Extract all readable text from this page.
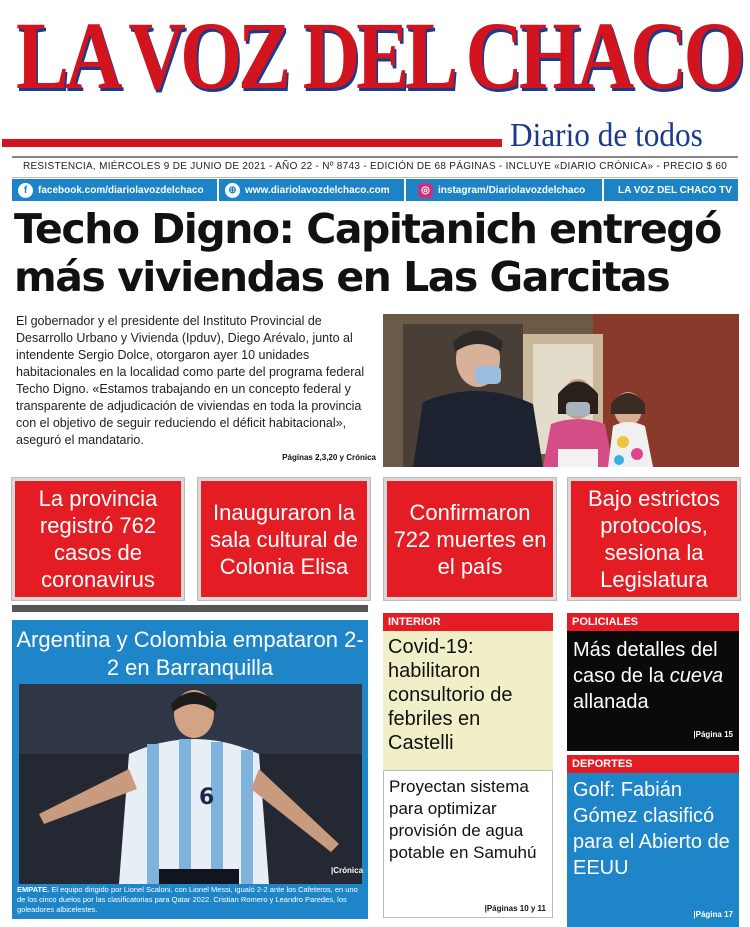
LA VOZ DEL CHACO
Diario de todos
RESISTENCIA, MIÉRCOLES 9 DE JUNIO DE 2021 - AÑO 22 - Nº 8743 - EDICIÓN DE 68 PÁGINAS - INCLUYE «DIARIO CRÓNICA» - PRECIO $ 60
f	facebook.com/diariolavozdelchaco	⊕ www.diariolavozdelchaco.com	◎ instagram/Diariolavozdelchaco	LA VOZ DEL CHACO TV
Techo Digno: Capitanich entregó más viviendas en Las Garcitas
El gobernador y el presidente del Instituto Provincial de Desarrollo Urbano y Vivienda (Ipduv), Diego Arévalo, junto al intendente Sergio Dolce, otorgaron ayer 10 unidades habitacionales en la localidad como parte del programa federal Techo Digno. «Estamos trabajando en un concepto federal y transparente de adjudicación de viviendas en toda la provincia con el objetivo de seguir reduciendo el déficit habitacional», aseguró el mandatario.
Páginas 2,3,20 y Crónica
La provincia registró 762 casos de coronavirus
Inauguraron la sala cultural de Colonia Elisa
Confirmaron 722 muertes en el país
Bajo estrictos protocolos, sesiona la Legislatura
Argentina y Colombia empataron 2-2 en Barranquilla
6
|Crónica
EMPATE. El equipo dirigido por Lionel Scaloni, con Lionel Messi, igualó 2-2 ante los Cafeteros, en uno de los cinco duelos por las clasificatorias para Qatar 2022. Cristian Romero y Leandro Paredes, los goleadores albicelestes.
INTERIOR
Covid-19: habilitaron consultorio de febriles en Castelli
Proyectan sistema para optimizar provisión de agua potable en Samuhú
|Páginas 10 y 11
POLICIALES
Más detalles del caso de la cueva allanada
|Página 15
DEPORTES
Golf: Fabián Gómez clasificó para el Abierto de EEUU
|Página 17
